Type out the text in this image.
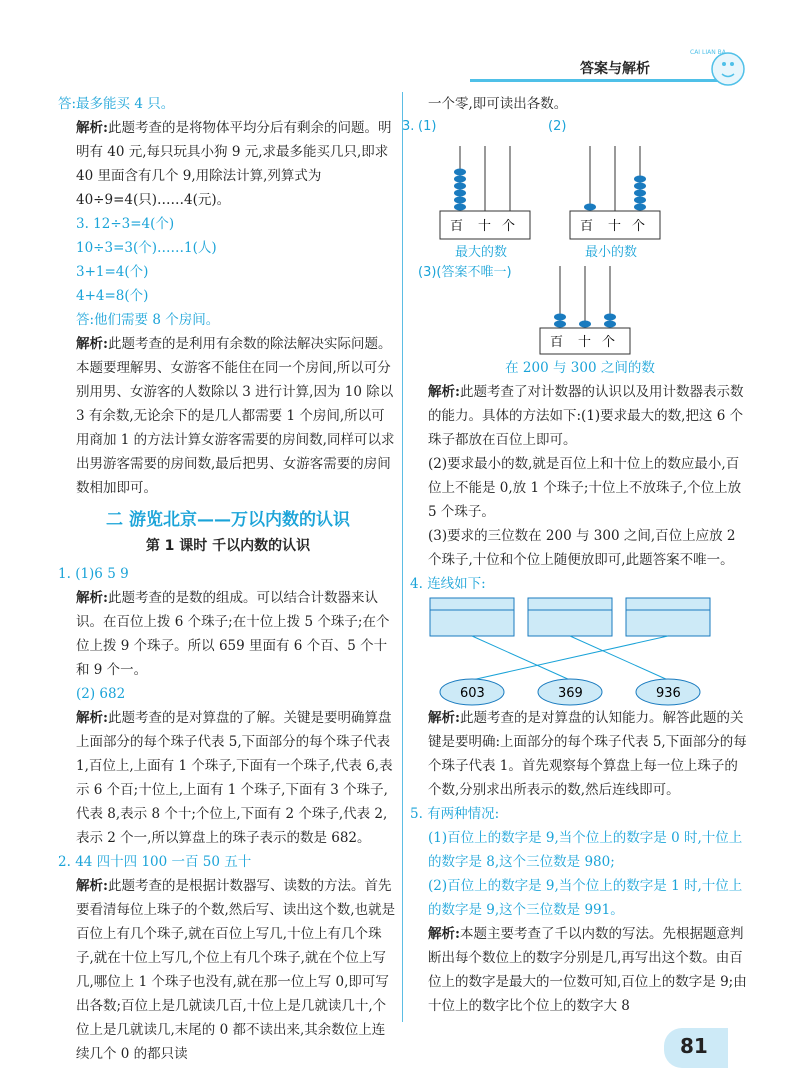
答案与解析
CAI LIAN BA

答:最多能买 4 只。

解析:此题考查的是将物体平均分后有剩余的问题。明明有 40 元,每只玩具小狗 9 元,求最多能买几只,即求 40 里面含有几个 9,用除法计算,列算式为 40÷9=4(只)……4(元)。

3. 12÷3=4(个)

10÷3=3(个)……1(人)

3+1=4(个)

4+4=8(个)

答:他们需要 8 个房间。

解析:此题考查的是利用有余数的除法解决实际问题。本题要理解男、女游客不能住在同一个房间,所以可分别用男、女游客的人数除以 3 进行计算,因为 10 除以 3 有余数,无论余下的是几人都需要 1 个房间,所以可用商加 1 的方法计算女游客需要的房间数,同样可以求出男游客需要的房间数,最后把男、女游客需要的房间数相加即可。

二 游览北京——万以内数的认识
第 1 课时 千以内数的认识

1. (1)6 5 9

解析:此题考查的是数的组成。可以结合计数器来认识。在百位上拨 6 个珠子;在十位上拨 5 个珠子;在个位上拨 9 个珠子。所以 659 里面有 6 个百、5 个十和 9 个一。

(2) 682

解析:此题考查的是对算盘的了解。关键是要明确算盘上面部分的每个珠子代表 5,下面部分的每个珠子代表 1,百位上,上面有 1 个珠子,下面有一个珠子,代表 6,表示 6 个百;十位上,上面有 1 个珠子,下面有 3 个珠子,代表 8,表示 8 个十;个位上,下面有 2 个珠子,代表 2,表示 2 个一,所以算盘上的珠子表示的数是 682。

2. 44 四十四 100 一百 50 五十

解析:此题考查的是根据计数器写、读数的方法。首先要看清每位上珠子的个数,然后写、读出这个数,也就是百位上有几个珠子,就在百位上写几,十位上有几个珠子,就在十位上写几,个位上有几个珠子,就在个位上写几,哪位上 1 个珠子也没有,就在那一位上写 0,即可写出各数;百位上是几就读几百,十位上是几就读几十,个位上是几就读几,末尾的 0 都不读出来,其余数位上连续几个 0 的都只读

一个零,即可读出各数。

3. (1)	(2)
百 十 个
最大的数
百 十 个
最小的数
(3)(答案不唯一)
百 十 个

在 200 与 300 之间的数

解析:此题考查了对计数器的认识以及用计数器表示数的能力。具体的方法如下:(1)要求最大的数,把这 6 个珠子都放在百位上即可。

(2)要求最小的数,就是百位上和十位上的数应最小,百位上不能是 0,放 1 个珠子;十位上不放珠子,个位上放 5 个珠子。

(3)要求的三位数在 200 与 300 之间,百位上应放 2 个珠子,十位和个位上随便放即可,此题答案不唯一。

4. 连线如下:

603	369	936

解析:此题考查的是对算盘的认知能力。解答此题的关键是要明确:上面部分的每个珠子代表 5,下面部分的每个珠子代表 1。首先观察每个算盘上每一位上珠子的个数,分别求出所表示的数,然后连线即可。

5. 有两种情况:

(1)百位上的数字是 9,当个位上的数字是 0 时,十位上的数字是 8,这个三位数是 980;

(2)百位上的数字是 9,当个位上的数字是 1 时,十位上的数字是 9,这个三位数是 991。

解析:本题主要考查了千以内数的写法。先根据题意判断出每个数位上的数字分别是几,再写出这个数。由百位上的数字是最大的一位数可知,百位上的数字是 9;由十位上的数字比个位上的数字大 8

81
